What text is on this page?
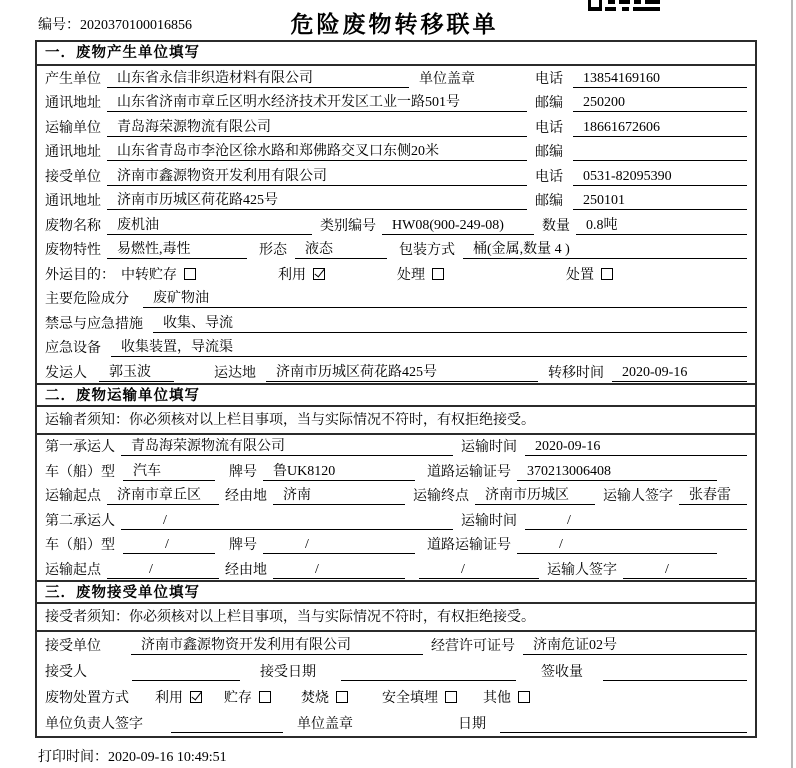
编号：2020370100016856	危险废物转移联单
一．废物产生单位填写
产生单位	山东省永信非织造材料有限公司	单位盖章	电话	13854169160
通讯地址	山东省济南市章丘区明水经济技术开发区工业一路501号	邮编	250200
运输单位	青岛海荣源物流有限公司	电话	18661672606
通讯地址	山东省青岛市李沧区徐水路和郑佛路交叉口东侧20米	邮编
接受单位	济南市鑫源物资开发利用有限公司	电话	0531-82095390
通讯地址	济南市历城区荷花路425号	邮编	250101
废物名称	废机油	类别编号	HW08(900-249-08)	数量	0.8吨
废物特性	易燃性,毒性	形态	液态	包装方式	桶(金属,数量 4 )
外运目的： 中转贮存	利用	处理	处置
主要危险成分	废矿物油
禁忌与应急措施	收集、导流
应急设备	收集装置，导流渠
发运人	郭玉波	运达地	济南市历城区荷花路425号	转移时间	2020-09-16
二．废物运输单位填写
运输者须知：你必须核对以上栏目事项，当与实际情况不符时，有权拒绝接受。
第一承运人	青岛海荣源物流有限公司	运输时间	2020-09-16
车（船）型	汽车	牌号	鲁UK8120	道路运输证号	370213006408
运输起点	济南市章丘区	经由地	济南	运输终点	济南市历城区	运输人签字	张春雷
第二承运人	/	运输时间	/
车（船）型	/	牌号	/	道路运输证号	/
运输起点	/	经由地	/	/	运输人签字	/
三．废物接受单位填写
接受者须知：你必须核对以上栏目事项，当与实际情况不符时，有权拒绝接受。
接受单位	济南市鑫源物资开发利用有限公司	经营许可证号	济南危证02号
接受人	接受日期	签收量
废物处置方式 利用	贮存	焚烧	安全填埋	其他
单位负责人签字	单位盖章	日期
打印时间：2020-09-16 10:49:51
